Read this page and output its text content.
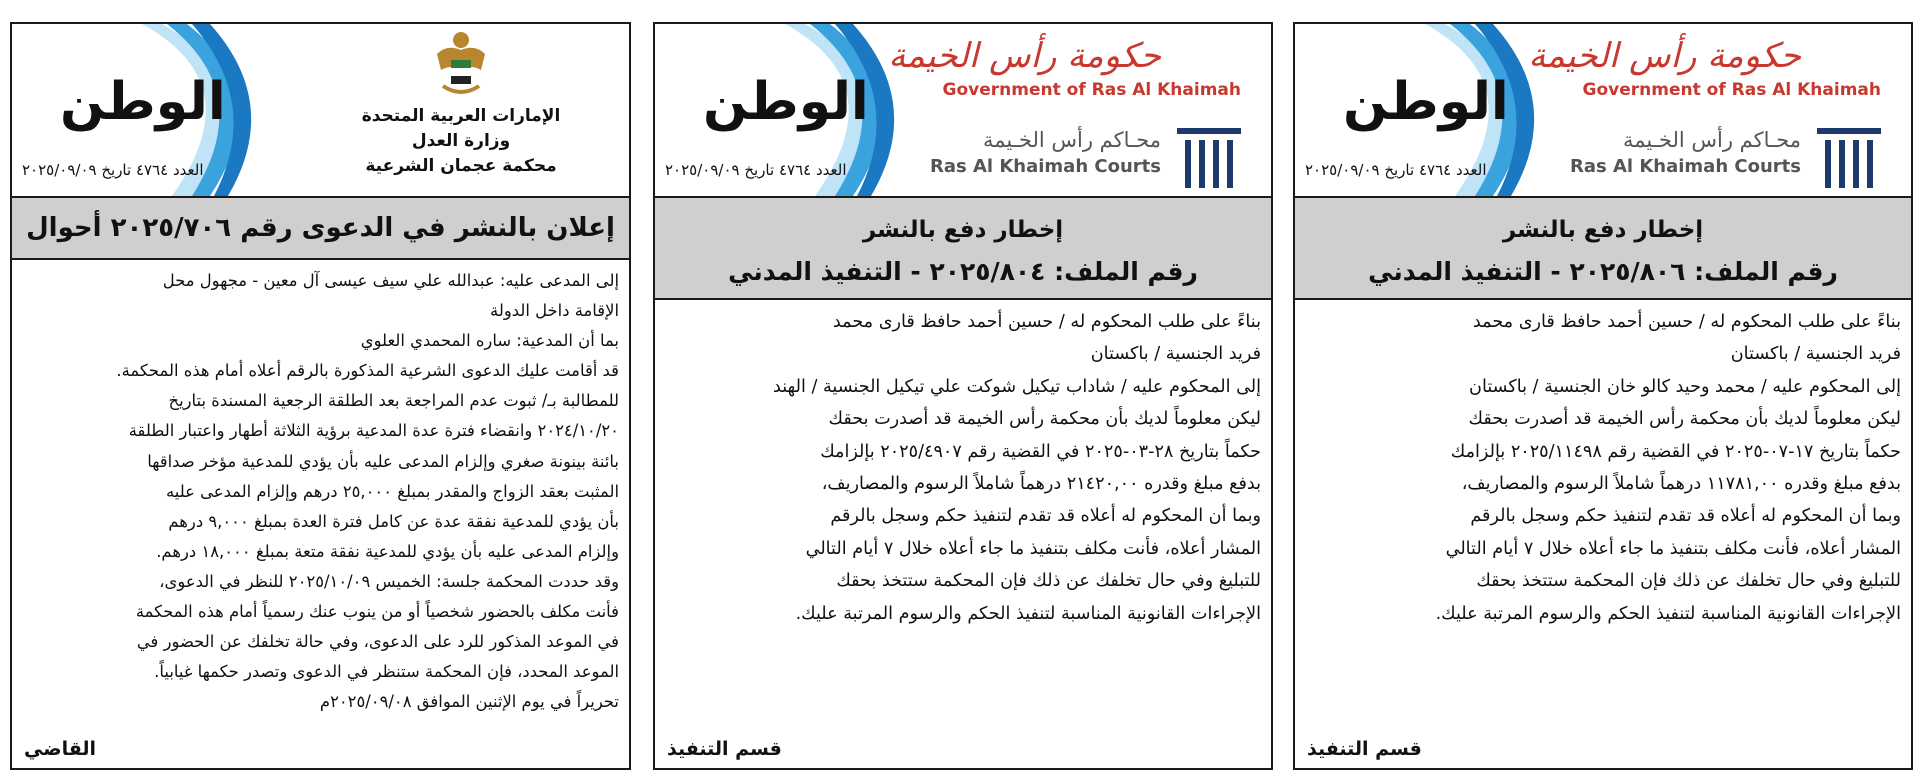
الإمارات العربية المتحدة
وزارة العدل
محكمة عجمان الشرعية
الوطن
العدد ٤٧٦٤ تاريخ ٢٠٢٥/٠٩/٠٩
إعلان بالنشر في الدعوى رقم ٢٠٢٥/٧٠٦ أحوال
إلى المدعى عليه: عبدالله علي سيف عيسى آل معين - مجهول محل
الإقامة داخل الدولة
بما أن المدعية: ساره المحمدي العلوي
قد أقامت عليك الدعوى الشرعية المذكورة بالرقم أعلاه أمام هذه المحكمة.
للمطالبة بـ/ ثبوت عدم المراجعة بعد الطلقة الرجعية المسندة بتاريخ
٢٠٢٤/١٠/٢٠ وانقضاء فترة عدة المدعية برؤية الثلاثة أطهار واعتبار الطلقة
بائنة بينونة صغري وإلزام المدعى عليه بأن يؤدي للمدعية مؤخر صداقها
المثبت بعقد الزواج والمقدر بمبلغ ٢٥,٠٠٠ درهم وإلزام المدعى عليه
بأن يؤدي للمدعية نفقة عدة عن كامل فترة العدة بمبلغ ٩,٠٠٠ درهم
وإلزام المدعى عليه بأن يؤدي للمدعية نفقة متعة بمبلغ ١٨,٠٠٠ درهم.
وقد حددت المحكمة جلسة: الخميس ٢٠٢٥/١٠/٠٩ للنظر في الدعوى،
فأنت مكلف بالحضور شخصياً أو من ينوب عنك رسمياً أمام هذه المحكمة
في الموعد المذكور للرد على الدعوى، وفي حالة تخلفك عن الحضور في
الموعد المحدد، فإن المحكمة ستنظر في الدعوى وتصدر حكمها غيابياً.
تحريراً في يوم الإثنين الموافق ٢٠٢٥/٠٩/٠٨م
القاضي
حكومة رأس الخيمة
Government of Ras Al Khaimah
محـاكم رأس الخـيمة
Ras Al Khaimah Courts
الوطن
العدد ٤٧٦٤ تاريخ ٢٠٢٥/٠٩/٠٩
إخطار دفع بالنشر
رقم الملف: ٢٠٢٥/٨٠٤ - التنفيذ المدني
بناءً على طلب المحكوم له / حسين أحمد حافظ قارى محمد
فريد الجنسية / باكستان
إلى المحكوم عليه / شاداب تيكيل شوكت علي تيكيل الجنسية / الهند
ليكن معلوماً لديك بأن محكمة رأس الخيمة قد أصدرت بحقك
حكماً بتاريخ ٢٨-٠٣-٢٠٢٥ في القضية رقم ٢٠٢٥/٤٩٠٧ بإلزامك
بدفع مبلغ وقدره ٢١٤٢٠,٠٠ درهماً شاملاً الرسوم والمصاريف،
وبما أن المحكوم له أعلاه قد تقدم لتنفيذ حكم وسجل بالرقم
المشار أعلاه، فأنت مكلف بتنفيذ ما جاء أعلاه خلال ٧ أيام التالي
للتبليغ وفي حال تخلفك عن ذلك فإن المحكمة ستتخذ بحقك
الإجراءات القانونية المناسبة لتنفيذ الحكم والرسوم المرتبة عليك.
قسم التنفيذ
حكومة رأس الخيمة
Government of Ras Al Khaimah
محـاكم رأس الخـيمة
Ras Al Khaimah Courts
الوطن
العدد ٤٧٦٤ تاريخ ٢٠٢٥/٠٩/٠٩
إخطار دفع بالنشر
رقم الملف: ٢٠٢٥/٨٠٦ - التنفيذ المدني
بناءً على طلب المحكوم له / حسين أحمد حافظ قارى محمد
فريد الجنسية / باكستان
إلى المحكوم عليه / محمد وحيد كالو خان الجنسية / باكستان
ليكن معلوماً لديك بأن محكمة رأس الخيمة قد أصدرت بحقك
حكماً بتاريخ ١٧-٠٧-٢٠٢٥ في القضية رقم ٢٠٢٥/١١٤٩٨ بإلزامك
بدفع مبلغ وقدره ١١٧٨١,٠٠ درهماً شاملاً الرسوم والمصاريف،
وبما أن المحكوم له أعلاه قد تقدم لتنفيذ حكم وسجل بالرقم
المشار أعلاه، فأنت مكلف بتنفيذ ما جاء أعلاه خلال ٧ أيام التالي
للتبليغ وفي حال تخلفك عن ذلك فإن المحكمة ستتخذ بحقك
الإجراءات القانونية المناسبة لتنفيذ الحكم والرسوم المرتبة عليك.
قسم التنفيذ
